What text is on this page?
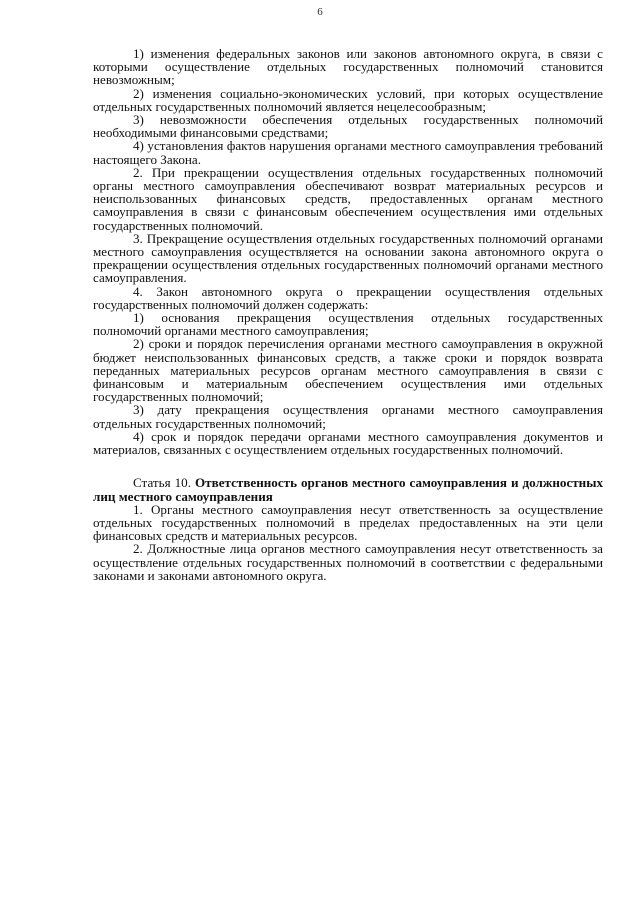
6

1) изменения федеральных законов или законов автономного округа, в связи с которыми осуществление отдельных государственных полномочий становится невозможным;

2) изменения социально-экономических условий, при которых осуществление отдельных государственных полномочий является нецелесообразным;

3) невозможности обеспечения отдельных государственных полномочий необходимыми финансовыми средствами;

4) установления фактов нарушения органами местного самоуправления требований настоящего Закона.

2. При прекращении осуществления отдельных государственных полномочий органы местного самоуправления обеспечивают возврат материальных ресурсов и неиспользованных финансовых средств, предоставленных органам местного самоуправления в связи с финансовым обеспечением осуществления ими отдельных государственных полномочий.

3. Прекращение осуществления отдельных государственных полномочий органами местного самоуправления осуществляется на основании закона автономного округа о прекращении осуществления отдельных государственных полномочий органами местного самоуправления.

4. Закон автономного округа о прекращении осуществления отдельных государственных полномочий должен содержать:

1) основания прекращения осуществления отдельных государственных полномочий органами местного самоуправления;

2) сроки и порядок перечисления органами местного самоуправления в окружной бюджет неиспользованных финансовых средств, а также сроки и порядок возврата переданных материальных ресурсов органам местного самоуправления в связи с финансовым и материальным обеспечением осуществления ими отдельных государственных полномочий;

3) дату прекращения осуществления органами местного самоуправления отдельных государственных полномочий;

4) срок и порядок передачи органами местного самоуправления документов и материалов, связанных с осуществлением отдельных государственных полномочий.

Статья 10. Ответственность органов местного самоуправления и должностных лиц местного самоуправления

1. Органы местного самоуправления несут ответственность за осуществление отдельных государственных полномочий в пределах предоставленных на эти цели финансовых средств и материальных ресурсов.

2. Должностные лица органов местного самоуправления несут ответственность за осуществление отдельных государственных полномочий в соответствии с федеральными законами и законами автономного округа.
